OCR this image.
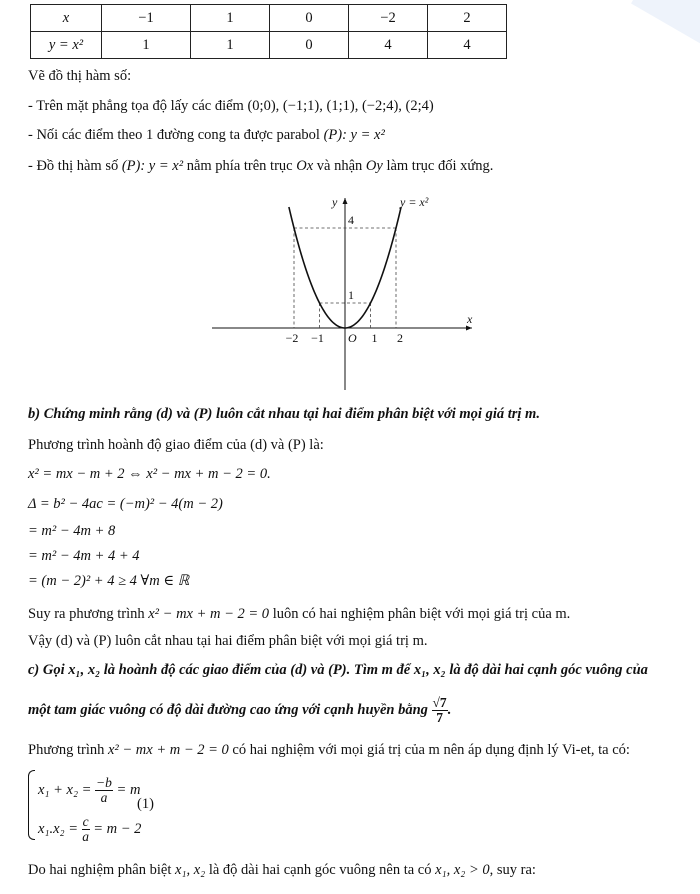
x	−1	1	0	−2	2
y = x²	1	1	0	4	4
Vẽ đồ thị hàm số:
- Trên mặt phẳng tọa độ lấy các điểm (0;0), (−1;1), (1;1), (−2;4), (2;4)
- Nối các điểm theo 1 đường cong ta được parabol (P): y = x²
- Đồ thị hàm số (P): y = x² nằm phía trên trục Ox và nhận Oy làm trục đối xứng.
y = x²
x
y
O
−2 −1	1 2
1
4
b) Chứng minh rằng (d) và (P) luôn cắt nhau tại hai điểm phân biệt với mọi giá trị m.
Phương trình hoành độ giao điểm của (d) và (P) là:
x² = mx − m + 2 ⇔ x² − mx + m − 2 = 0.
Δ = b² − 4ac = (−m)² − 4(m − 2)
= m² − 4m + 8
= m² − 4m + 4 + 4
= (m − 2)² + 4 ≥ 4 ∀m ∈ ℝ
Suy ra phương trình x² − mx + m − 2 = 0 luôn có hai nghiệm phân biệt với mọi giá trị của m.
Vậy (d) và (P) luôn cắt nhau tại hai điểm phân biệt với mọi giá trị m.
c) Gọi x₁, x₂ là hoành độ các giao điểm của (d) và (P). Tìm m để x₁, x₂ là độ dài hai cạnh góc vuông của
một tam giác vuông có độ dài đường cao ứng với cạnh huyền bằng $\frac{√7}{7}$ .
Phương trình x² − mx + m − 2 = 0 có hai nghiệm với mọi giá trị của m nên áp dụng định lý Vi-et, ta có:
$x_1 + x_2 = \frac{-b}{a} = m$
(1)
$x_1.x_2 = \frac{c}{a} = m - 2$
Do hai nghiệm phân biệt x₁, x₂ là độ dài hai cạnh góc vuông nên ta có x₁, x₂ > 0, suy ra:
